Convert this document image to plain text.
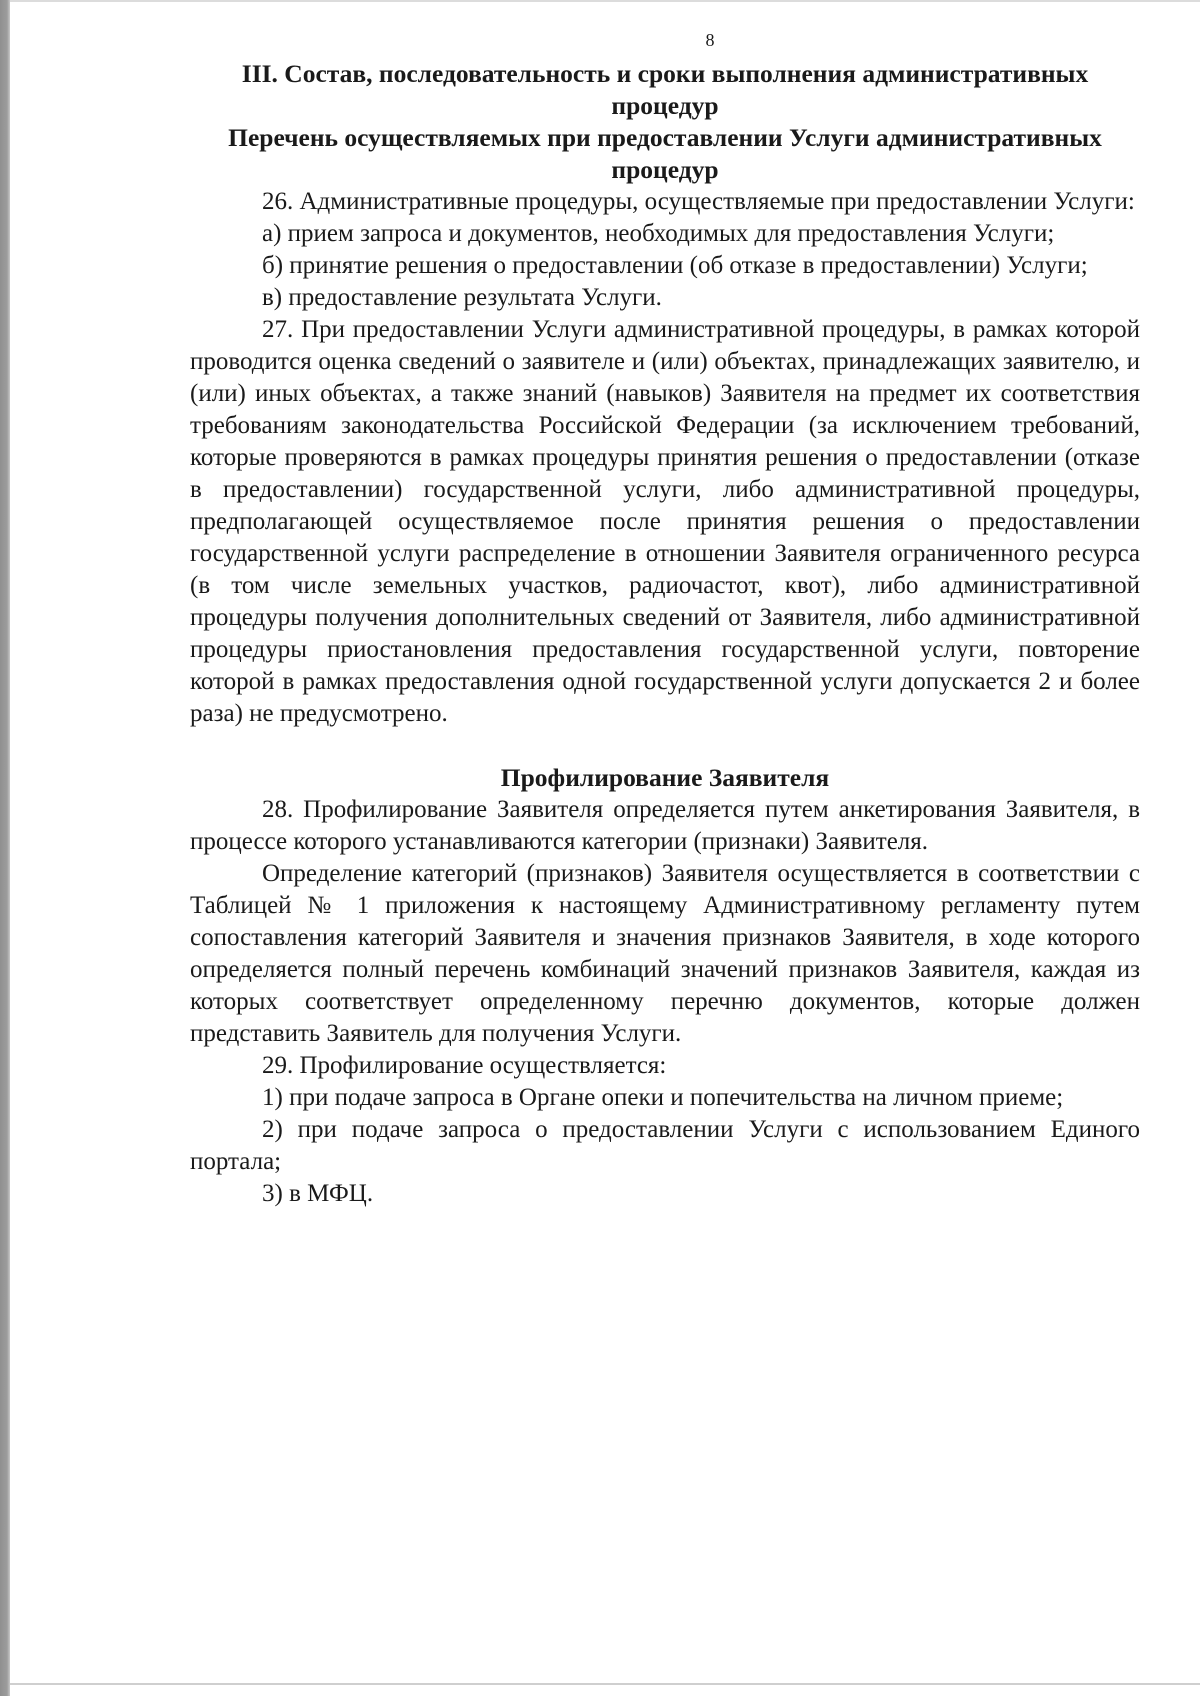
8
III. Состав, последовательность и сроки выполнения административных процедур
Перечень осуществляемых при предоставлении Услуги административных процедур

26. Административные процедуры, осуществляемые при предоставлении Услуги:

а) прием запроса и документов, необходимых для предоставления Услуги;

б) принятие решения о предоставлении (об отказе в предоставлении) Услуги;

в) предоставление результата Услуги.

27. При предоставлении Услуги административной процедуры, в рамках которой проводится оценка сведений о заявителе и (или) объектах, принадлежащих заявителю, и (или) иных объектах, а также знаний (навыков) Заявителя на предмет их соответствия требованиям законодательства Российской Федерации (за исключением требований, которые проверяются в рамках процедуры принятия решения о предоставлении (отказе в предоставлении) государственной услуги, либо административной процедуры, предполагающей осуществляемое после принятия решения о предоставлении государственной услуги распределение в отношении Заявителя ограниченного ресурса (в том числе земельных участков, радиочастот, квот), либо административной процедуры получения дополнительных сведений от Заявителя, либо административной процедуры приостановления предоставления государственной услуги, повторение которой в рамках предоставления одной государственной услуги допускается 2 и более раза) не предусмотрено.

Профилирование Заявителя

28. Профилирование Заявителя определяется путем анкетирования Заявителя, в процессе которого устанавливаются категории (признаки) Заявителя.

Определение категорий (признаков) Заявителя осуществляется в соответствии с Таблицей № 1 приложения к настоящему Административному регламенту путем сопоставления категорий Заявителя и значения признаков Заявителя, в ходе которого определяется полный перечень комбинаций значений признаков Заявителя, каждая из которых соответствует определенному перечню документов, которые должен представить Заявитель для получения Услуги.

29. Профилирование осуществляется:

1) при подаче запроса в Органе опеки и попечительства на личном приеме;

2) при подаче запроса о предоставлении Услуги с использованием Единого портала;

3) в МФЦ.
